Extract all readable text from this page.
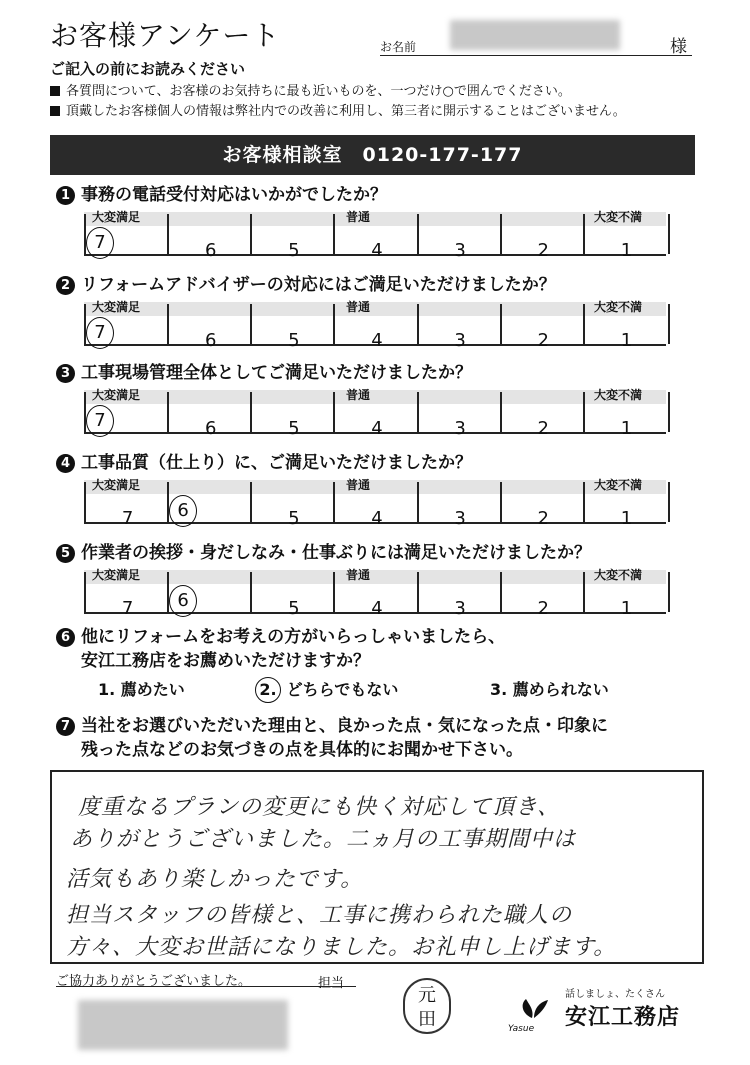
お客様アンケート	お名前	様
ご記入の前にお読みください
各質問について、お客様のお気持ちに最も近いものを、一つだけ○で囲んでください。
頂戴したお客様個人の情報は弊社内での改善に利用し、第三者に開示することはございません。
お客様相談室　0120-177-177
1 事務の電話受付対応はいかがでしたか？
大変満足	普通	大変不満
7	6	5	4	3	2	1
2 リフォームアドバイザーの対応にはご満足いただけましたか？
大変満足	普通	大変不満
7	6	5	4	3	2	1
3 工事現場管理全体としてご満足いただけましたか？
大変満足	普通	大変不満
7	6	5	4	3	2	1
4 工事品質（仕上り）に、ご満足いただけましたか？
大変満足	普通	大変不満
7	6	5	4	3	2	1
5 作業者の挨拶・身だしなみ・仕事ぶりには満足いただけましたか？
大変満足	普通	大変不満
7	6	5	4	3	2	1
6 他にリフォームをお考えの方がいらっしゃいましたら、
安江工務店をお薦めいただけますか？
1. 薦めたい	2. どちらでもない	3. 薦められない
7 当社をお選びいただいた理由と、良かった点・気になった点・印象に
残った点などのお気づきの点を具体的にお聞かせ下さい。
度重なるプランの変更にも快く対応して頂き、
ありがとうございました。二ヵ月の工事期間中は
活気もあり楽しかったです。
担当スタッフの皆様と、工事に携わられた職人の
方々、大変お世話になりました。お礼申し上げます。
ご協力ありがとうございました。	担当
元
田	Yasue
話しましょ、たくさん
安江工務店
